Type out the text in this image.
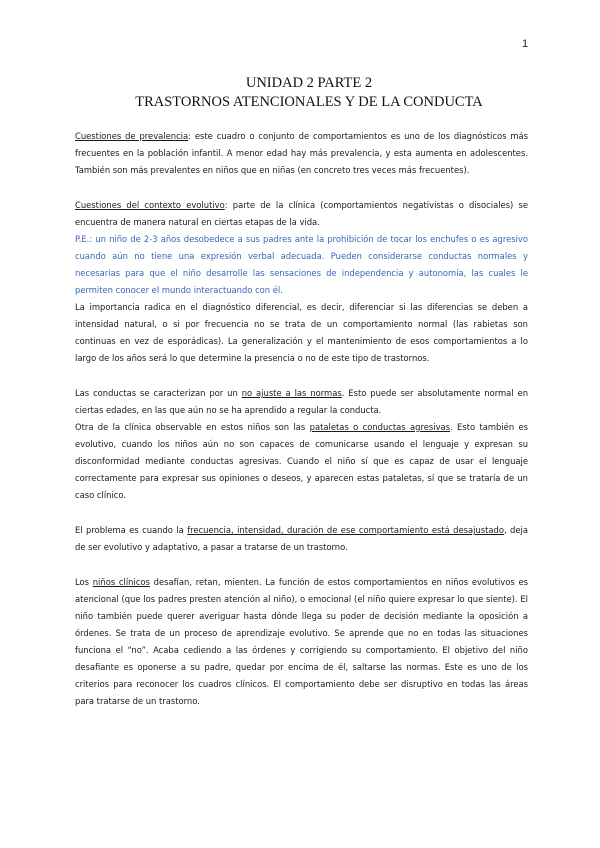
1
UNIDAD 2 PARTE 2
TRASTORNOS ATENCIONALES Y DE LA CONDUCTA

Cuestiones de prevalencia: este cuadro o conjunto de comportamientos es uno de los diagnósticos más frecuentes en la población infantil. A menor edad hay más prevalencia, y esta aumenta en adolescentes. También son más prevalentes en niños que en niñas (en concreto tres veces más frecuentes).

Cuestiones del contexto evolutivo: parte de la clínica (comportamientos negativistas o disociales) se encuentra de manera natural en ciertas etapas de la vida.

P.E.: un niño de 2-3 años desobedece a sus padres ante la prohibición de tocar los enchufes o es agresivo cuando aún no tiene una expresión verbal adecuada. Pueden considerarse conductas normales y necesarias para que el niño desarrolle las sensaciones de independencia y autonomía, las cuales le permiten conocer el mundo interactuando con él.

La importancia radica en el diagnóstico diferencial, es decir, diferenciar si las diferencias se deben a intensidad natural, o si por frecuencia no se trata de un comportamiento normal (las rabietas son continuas en vez de esporádicas). La generalización y el mantenimiento de esos comportamientos a lo largo de los años será lo que determine la presencia o no de este tipo de trastornos.

Las conductas se caracterizan por un no ajuste a las normas. Esto puede ser absolutamente normal en ciertas edades, en las que aún no se ha aprendido a regular la conducta.

Otra de la clínica observable en estos niños son las pataletas o conductas agresivas. Esto también es evolutivo, cuando los niños aún no son capaces de comunicarse usando el lenguaje y expresan su disconformidad mediante conductas agresivas. Cuando el niño sí que es capaz de usar el lenguaje correctamente para expresar sus opiniones o deseos, y aparecen estas pataletas, sí que se trataría de un caso clínico.

El problema es cuando la frecuencia, intensidad, duración de ese comportamiento está desajustado, deja de ser evolutivo y adaptativo, a pasar a tratarse de un trastorno.

Los niños clínicos desafían, retan, mienten. La función de estos comportamientos en niños evolutivos es atencional (que los padres presten atención al niño), o emocional (el niño quiere expresar lo que siente). El niño también puede querer averiguar hasta dónde llega su poder de decisión mediante la oposición a órdenes. Se trata de un proceso de aprendizaje evolutivo. Se aprende que no en todas las situaciones funciona el “no”. Acaba cediendo a las órdenes y corrigiendo su comportamiento. El objetivo del niño desafiante es oponerse a su padre, quedar por encima de él, saltarse las normas. Este es uno de los criterios para reconocer los cuadros clínicos. El comportamiento debe ser disruptivo en todas las áreas para tratarse de un trastorno.
